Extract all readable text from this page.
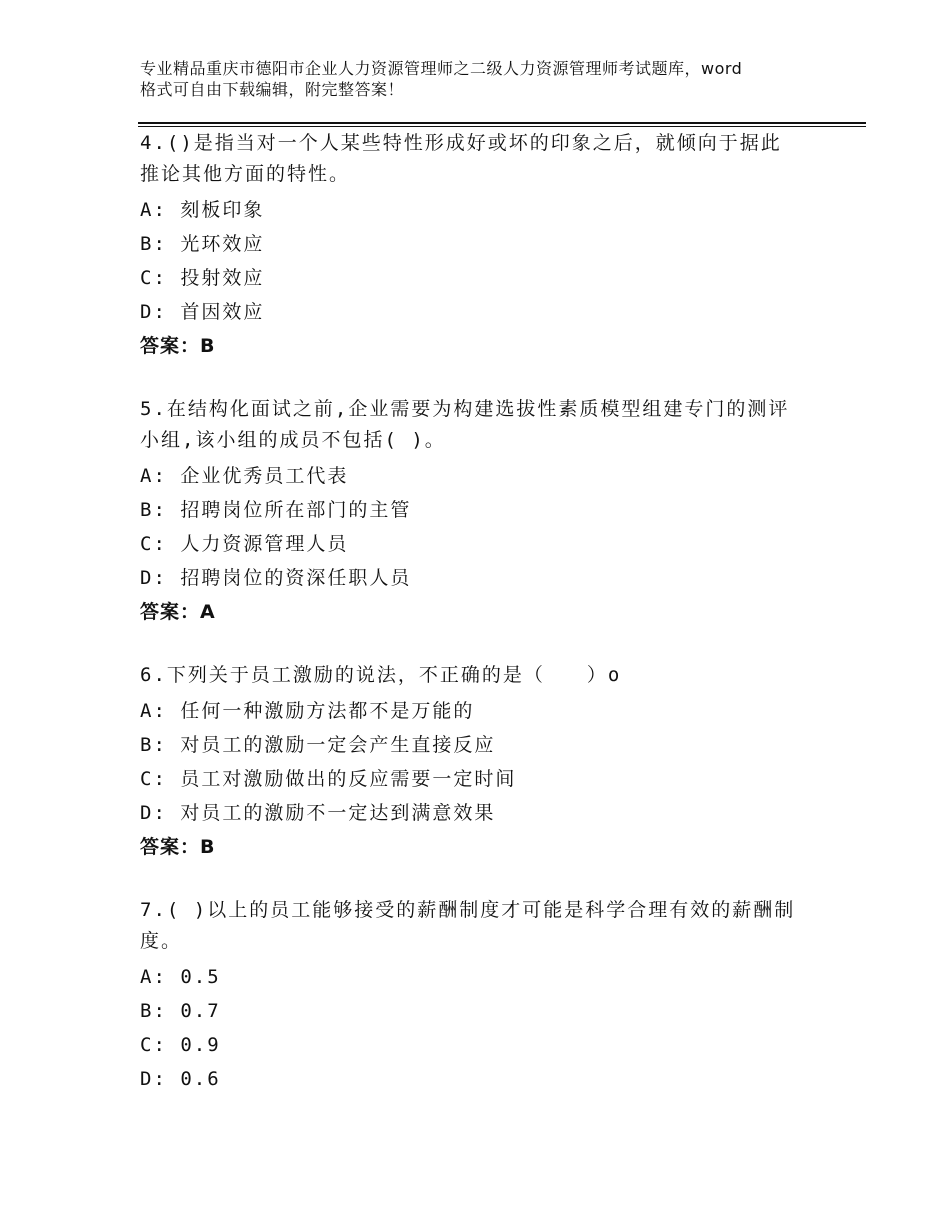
专业精品重庆市德阳市企业人力资源管理师之二级人力资源管理师考试题库，word
格式可自由下载编辑，附完整答案！
4.()是指当对一个人某些特性形成好或坏的印象之后，就倾向于据此
推论其他方面的特性。
A: 刻板印象
B: 光环效应
C: 投射效应
D: 首因效应
答案：B
5.在结构化面试之前,企业需要为构建选拔性素质模型组建专门的测评
小组,该小组的成员不包括( )。
A: 企业优秀员工代表
B: 招聘岗位所在部门的主管
C: 人力资源管理人员
D: 招聘岗位的资深任职人员
答案：A
6.下列关于员工激励的说法，不正确的是（　　）o
A: 任何一种激励方法都不是万能的
B: 对员工的激励一定会产生直接反应
C: 员工对激励做出的反应需要一定时间
D: 对员工的激励不一定达到满意效果
答案：B
7.( )以上的员工能够接受的薪酬制度才可能是科学合理有效的薪酬制
度。
A: 0.5
B: 0.7
C: 0.9
D: 0.6
